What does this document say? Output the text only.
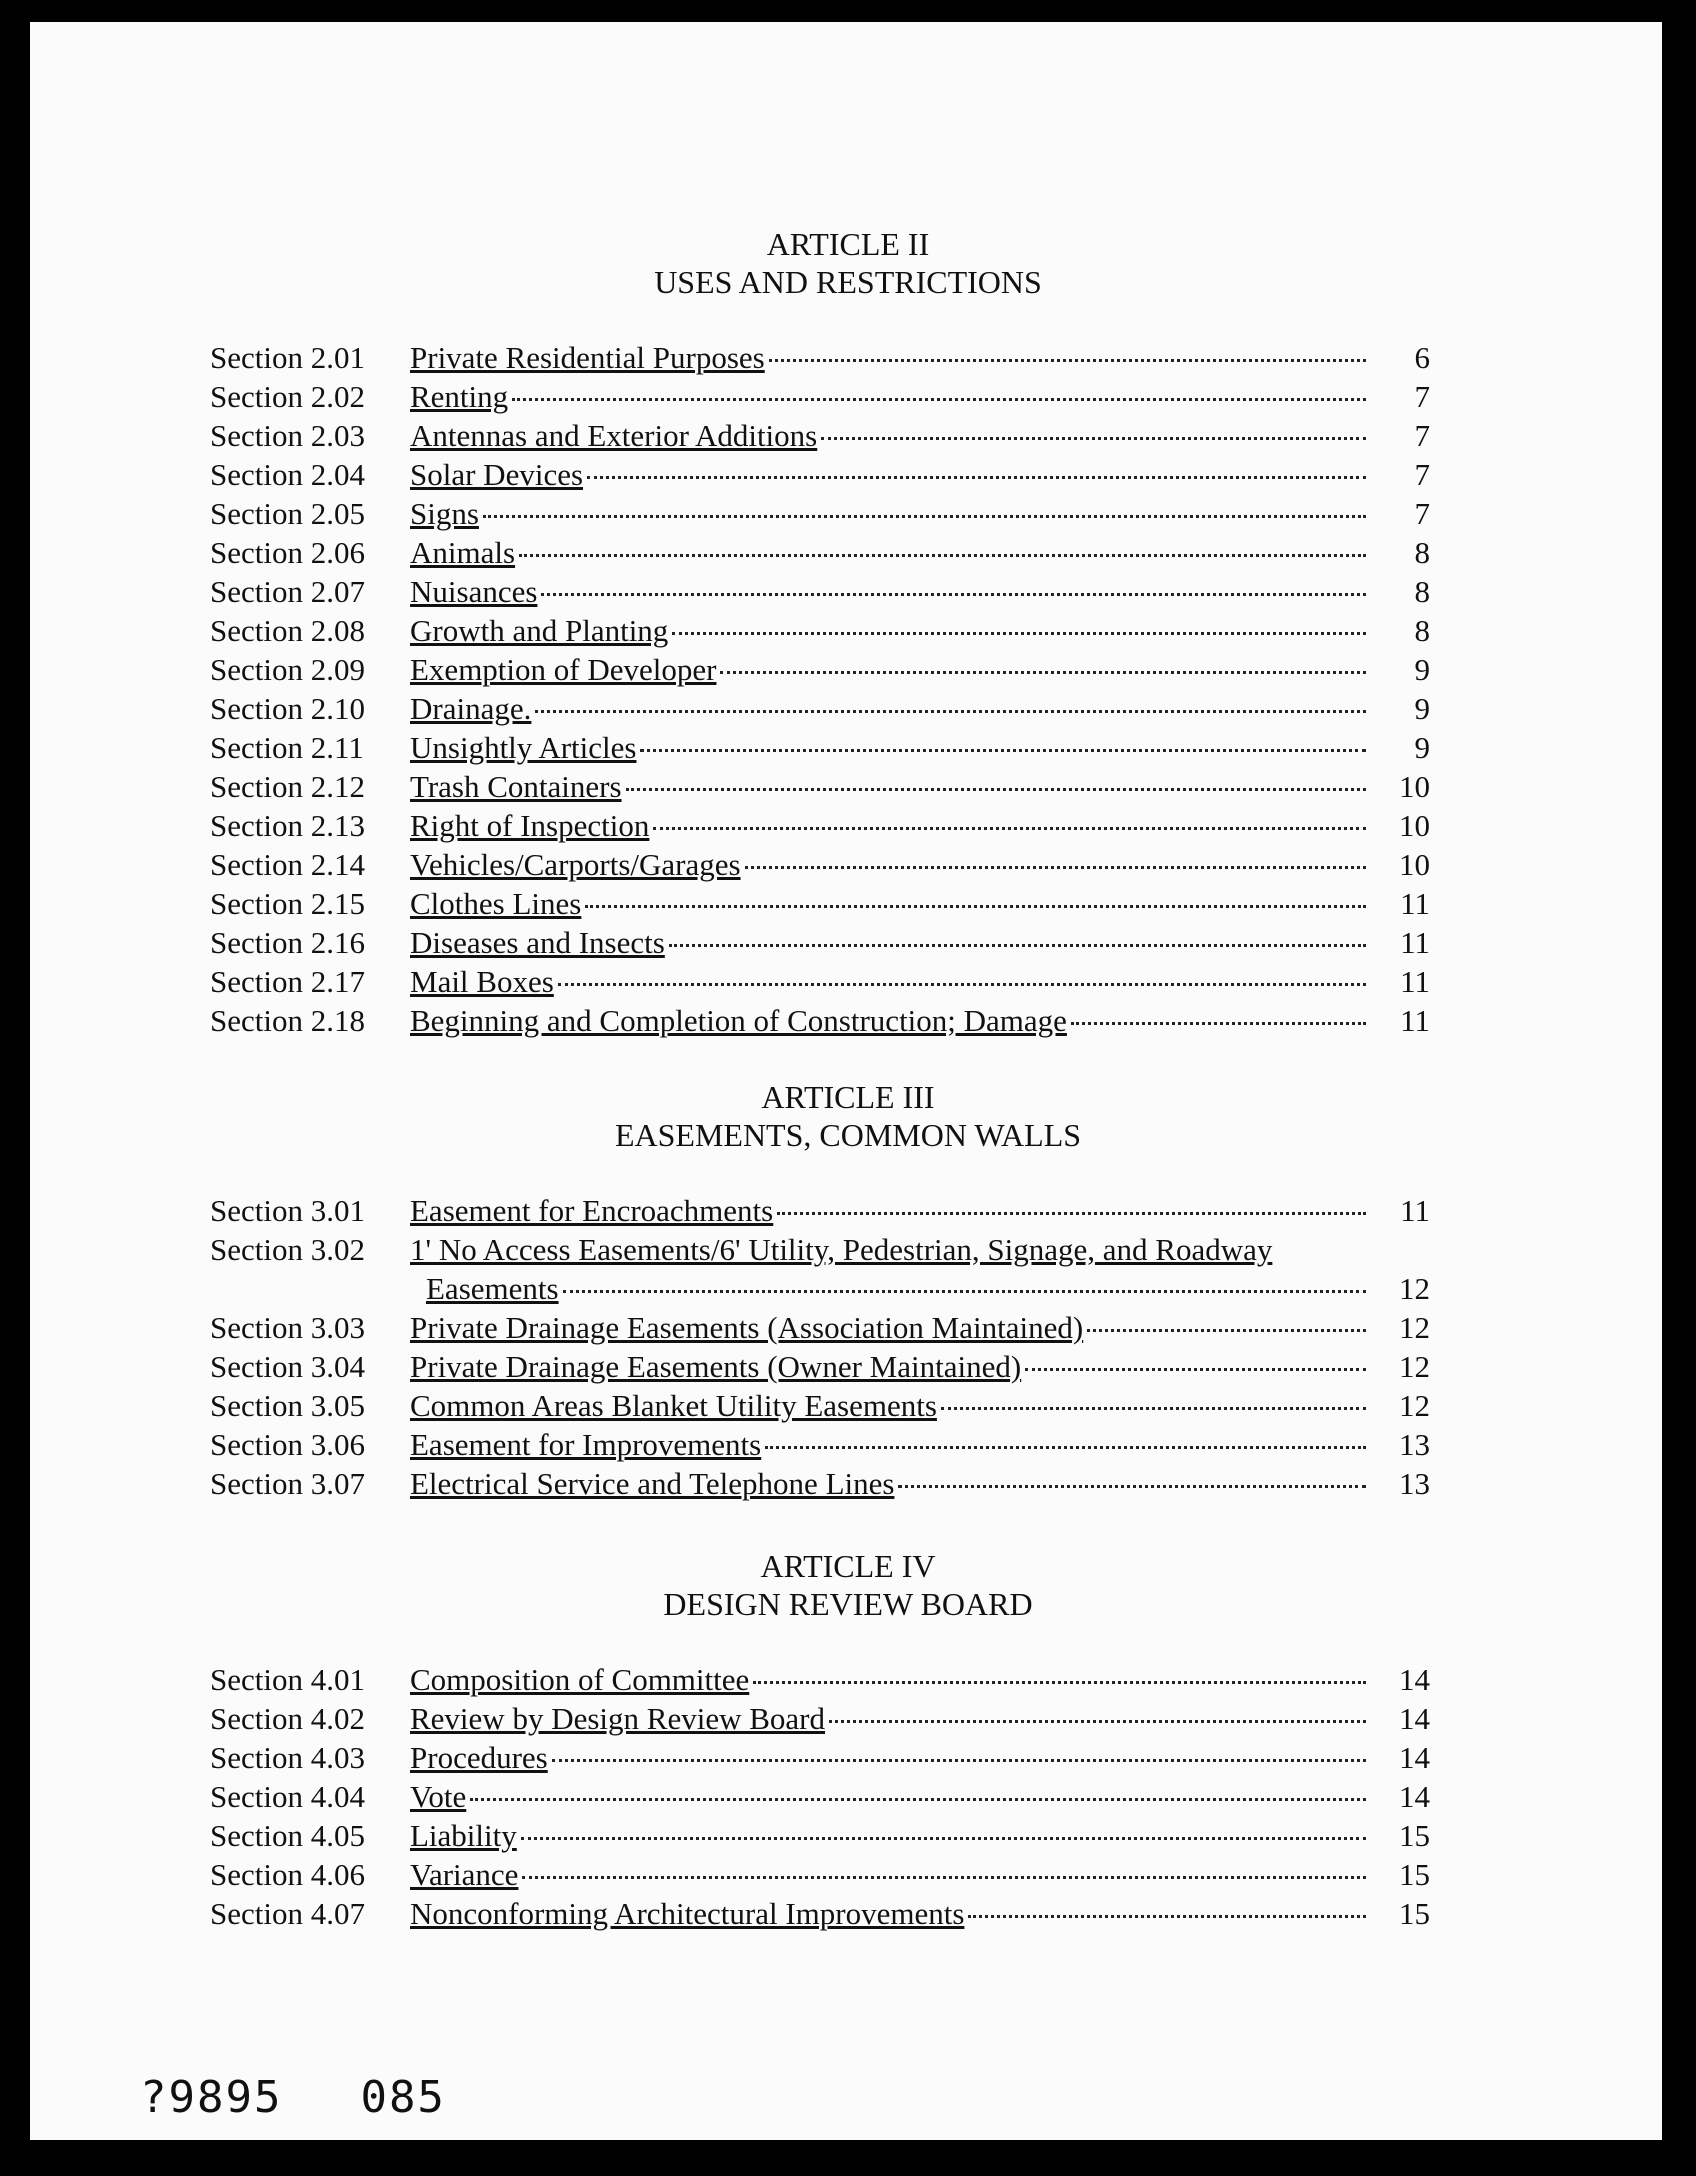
ARTICLE II
USES AND RESTRICTIONS
Section 2.01	Private Residential Purposes	6
Section 2.02	Renting	7
Section 2.03	Antennas and Exterior Additions	7
Section 2.04	Solar Devices	7
Section 2.05	Signs	7
Section 2.06	Animals	8
Section 2.07	Nuisances	8
Section 2.08	Growth and Planting	8
Section 2.09	Exemption of Developer	9
Section 2.10	Drainage.	9
Section 2.11	Unsightly Articles	9
Section 2.12	Trash Containers	10
Section 2.13	Right of Inspection	10
Section 2.14	Vehicles/Carports/Garages	10
Section 2.15	Clothes Lines	11
Section 2.16	Diseases and Insects	11
Section 2.17	Mail Boxes	11
Section 2.18	Beginning and Completion of Construction; Damage	11
ARTICLE III
EASEMENTS, COMMON WALLS
Section 3.01	Easement for Encroachments	11
Section 3.02	1' No Access Easements/6' Utility, Pedestrian, Signage, and Roadway
Easements	12
Section 3.03	Private Drainage Easements (Association Maintained)	12
Section 3.04	Private Drainage Easements (Owner Maintained)	12
Section 3.05	Common Areas Blanket Utility Easements	12
Section 3.06	Easement for Improvements	13
Section 3.07	Electrical Service and Telephone Lines	13
ARTICLE IV
DESIGN REVIEW BOARD
Section 4.01	Composition of Committee	14
Section 4.02	Review by Design Review Board	14
Section 4.03	Procedures	14
Section 4.04	Vote	14
Section 4.05	Liability	15
Section 4.06	Variance	15
Section 4.07	Nonconforming Architectural Improvements	15
?9895 085
